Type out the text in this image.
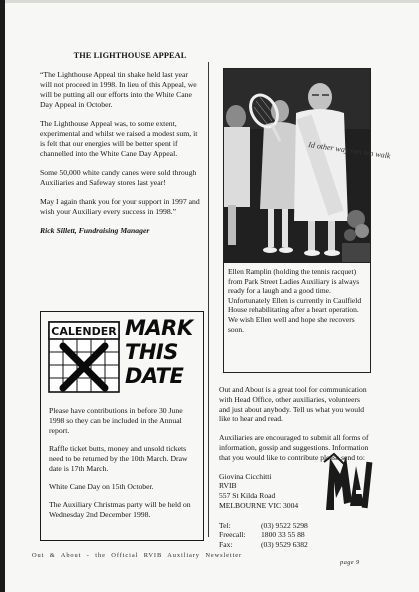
THE LIGHTHOUSE APPEAL

“The Lighthouse Appeal tin shake held last year will not proceed in 1998. In lieu of this Appeal, we will be putting all our efforts into the White Cane Day Appeal in October.

The Lighthouse Appeal was, to some extent, experimental and whilst we raised a modest sum, it is felt that our energies will be better spent if channelled into the White Cane Day Appeal.

Some 50,000 white candy canes were sold through Auxiliaries and Safeway stores last year!

May I again thank you for your support in 1997 and wish your Auxiliary every success in 1998.”

Rick Sillett, Fundraising Manager
CALENDER MARK
THIS
DATE

Please have contributions in before 30 June 1998 so they can be included in the Annual report.

Raffle ticket butts, money and unsold tickets need to be returned by the 10th March. Draw date is 17th March.

White Cane Day on 15th October.

The Auxiliary Christmas party will be held on Wednesday 2nd December 1998.

Id other way ints ten walk

Ellen Ramplin (holding the tennis racquet) from Park Street Ladies Auxiliary is always ready for a laugh and a good time. Unfortunately Ellen is currently in Caulfield House rehabilitating after a heart operation. We wish Ellen well and hope she recovers soon.

Out and About is a great tool for communication with Head Office, other auxiliaries, volunteers and just about anybody. Tell us what you would like to hear and read.

Auxiliaries are encouraged to submit all forms of information, gossip and suggestions. Information that you would like to contribute please send to:

Giovina Cicchitti
RVIB
557 St Kilda Road
MELBOURNE VIC 3004
Tel:	(03) 9522 5298
Freecall:	1800 33 55 88
Fax:	(03) 9529 6382
Out & About - the Official RVIB Auxiliary Newsletter
page 9
